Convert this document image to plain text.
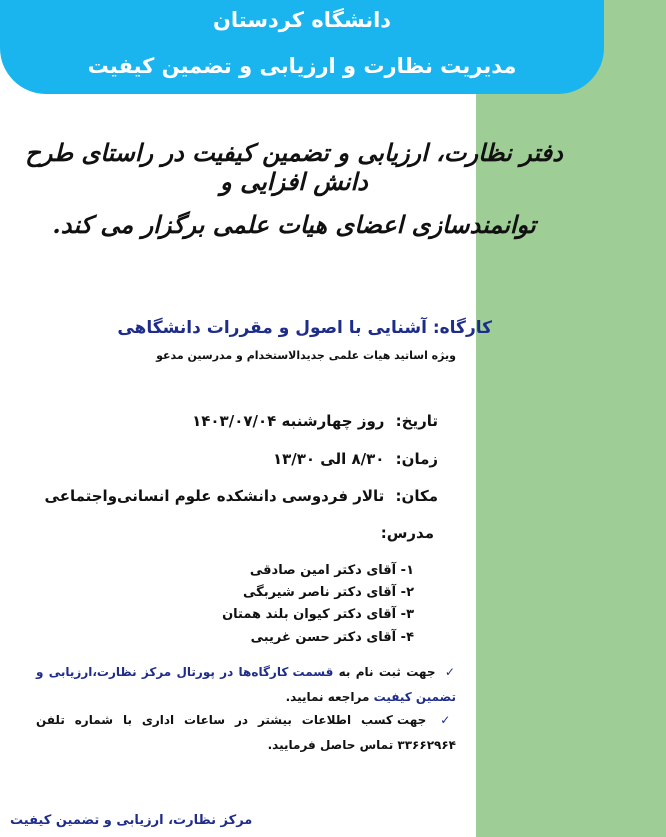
دانشگاه کردستان
مدیریت نظارت و ارزیابی و تضمین کیفیت
دفتر نظارت، ارزیابی و تضمین کیفیت در راستای طرح دانش افزایی و
توانمندسازی اعضای هیات علمی برگزار می کند.
کارگاه: آشنایی با اصول و مقررات دانشگاهی
ویژه اساتید هیات علمی جدیدالاستخدام و مدرسین مدعو
تاریخ: روز چهارشنبه ۱۴۰۳/۰۷/۰۴
زمان: ۸/۳۰ الی ۱۳/۳۰
مکان: تالار فردوسی دانشکده علوم انسانی‌واجتماعی
مدرس:
۱- آقای دکتر امین صادقی
۲- آقای دکتر ناصر شیربگی
۳- آقای دکتر کیوان بلند همتان
۴- آقای دکتر حسن غریبی
✓ جهت ثبت نام به قسمت کارگاه‌ها در پورتال مرکز نظارت،ارزیابی و تضمین کیفیت مراجعه نمایید.
✓ جهت کسب اطلاعات بیشتر در ساعات اداری با شماره تلفن ۳۳۶۶۲۹۶۴ تماس حاصل فرمایید.
مرکز نظارت، ارزیابی و تضمین کیفیت
